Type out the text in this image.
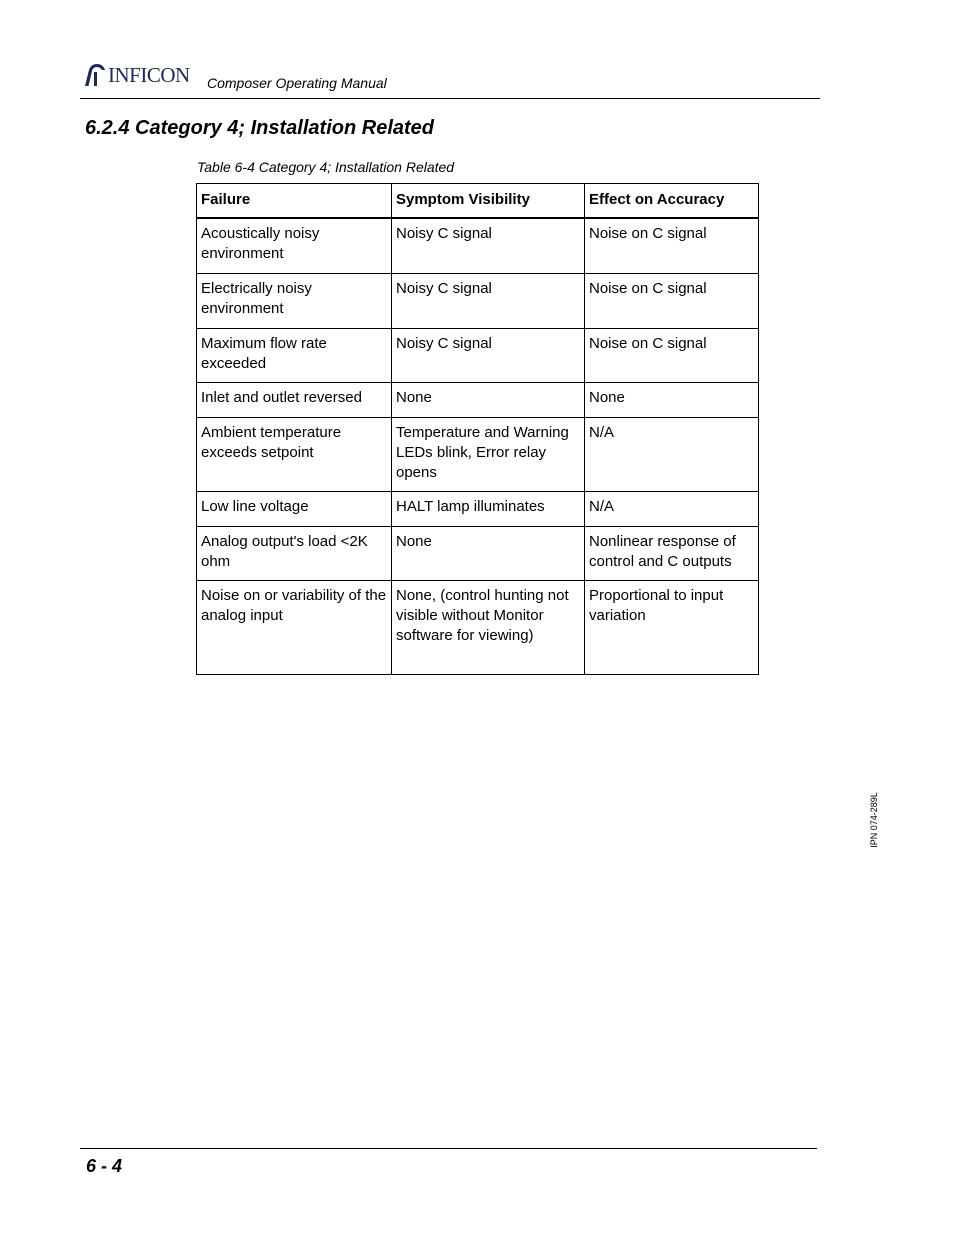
INFICON Composer Operating Manual
6.2.4 Category 4; Installation Related
Table 6-4 Category 4; Installation Related
Failure	Symptom Visibility	Effect on Accuracy
Acoustically noisy environment	Noisy C signal	Noise on C signal
Electrically noisy environment	Noisy C signal	Noise on C signal
Maximum flow rate exceeded	Noisy C signal	Noise on C signal
Inlet and outlet reversed	None	None
Ambient temperature exceeds setpoint	Temperature and Warning LEDs blink, Error relay opens	N/A
Low line voltage	HALT lamp illuminates	N/A
Analog output's load <2K ohm	None	Nonlinear response of control and C outputs
Noise on or variability of the analog input	None, (control hunting not visible without Monitor software for viewing)	Proportional to input variation
IPN 074-289L
6 - 4
